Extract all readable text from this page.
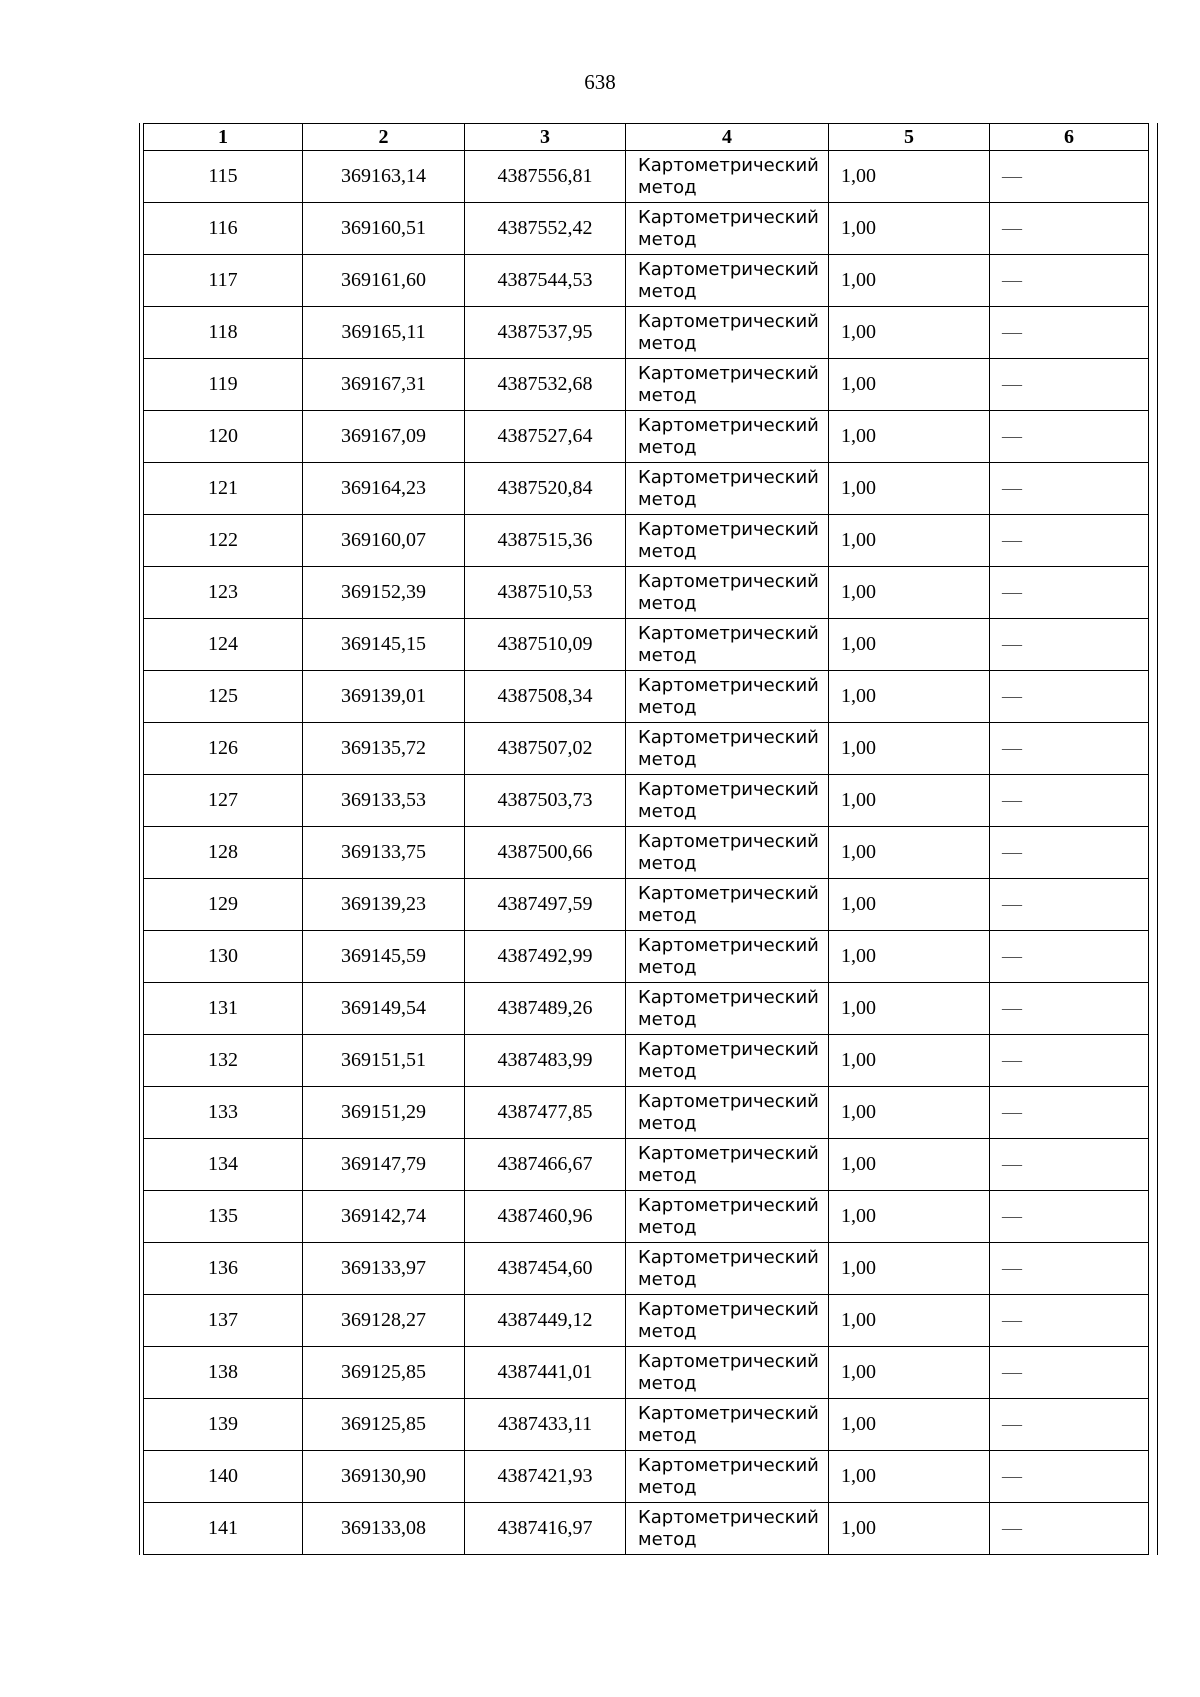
638
1	2	3	4	5	6
115	369163,14	4387556,81	Картометрический метод	1,00	—
116	369160,51	4387552,42	Картометрический метод	1,00	—
117	369161,60	4387544,53	Картометрический метод	1,00	—
118	369165,11	4387537,95	Картометрический метод	1,00	—
119	369167,31	4387532,68	Картометрический метод	1,00	—
120	369167,09	4387527,64	Картометрический метод	1,00	—
121	369164,23	4387520,84	Картометрический метод	1,00	—
122	369160,07	4387515,36	Картометрический метод	1,00	—
123	369152,39	4387510,53	Картометрический метод	1,00	—
124	369145,15	4387510,09	Картометрический метод	1,00	—
125	369139,01	4387508,34	Картометрический метод	1,00	—
126	369135,72	4387507,02	Картометрический метод	1,00	—
127	369133,53	4387503,73	Картометрический метод	1,00	—
128	369133,75	4387500,66	Картометрический метод	1,00	—
129	369139,23	4387497,59	Картометрический метод	1,00	—
130	369145,59	4387492,99	Картометрический метод	1,00	—
131	369149,54	4387489,26	Картометрический метод	1,00	—
132	369151,51	4387483,99	Картометрический метод	1,00	—
133	369151,29	4387477,85	Картометрический метод	1,00	—
134	369147,79	4387466,67	Картометрический метод	1,00	—
135	369142,74	4387460,96	Картометрический метод	1,00	—
136	369133,97	4387454,60	Картометрический метод	1,00	—
137	369128,27	4387449,12	Картометрический метод	1,00	—
138	369125,85	4387441,01	Картометрический метод	1,00	—
139	369125,85	4387433,11	Картометрический метод	1,00	—
140	369130,90	4387421,93	Картометрический метод	1,00	—
141	369133,08	4387416,97	Картометрический метод	1,00	—
